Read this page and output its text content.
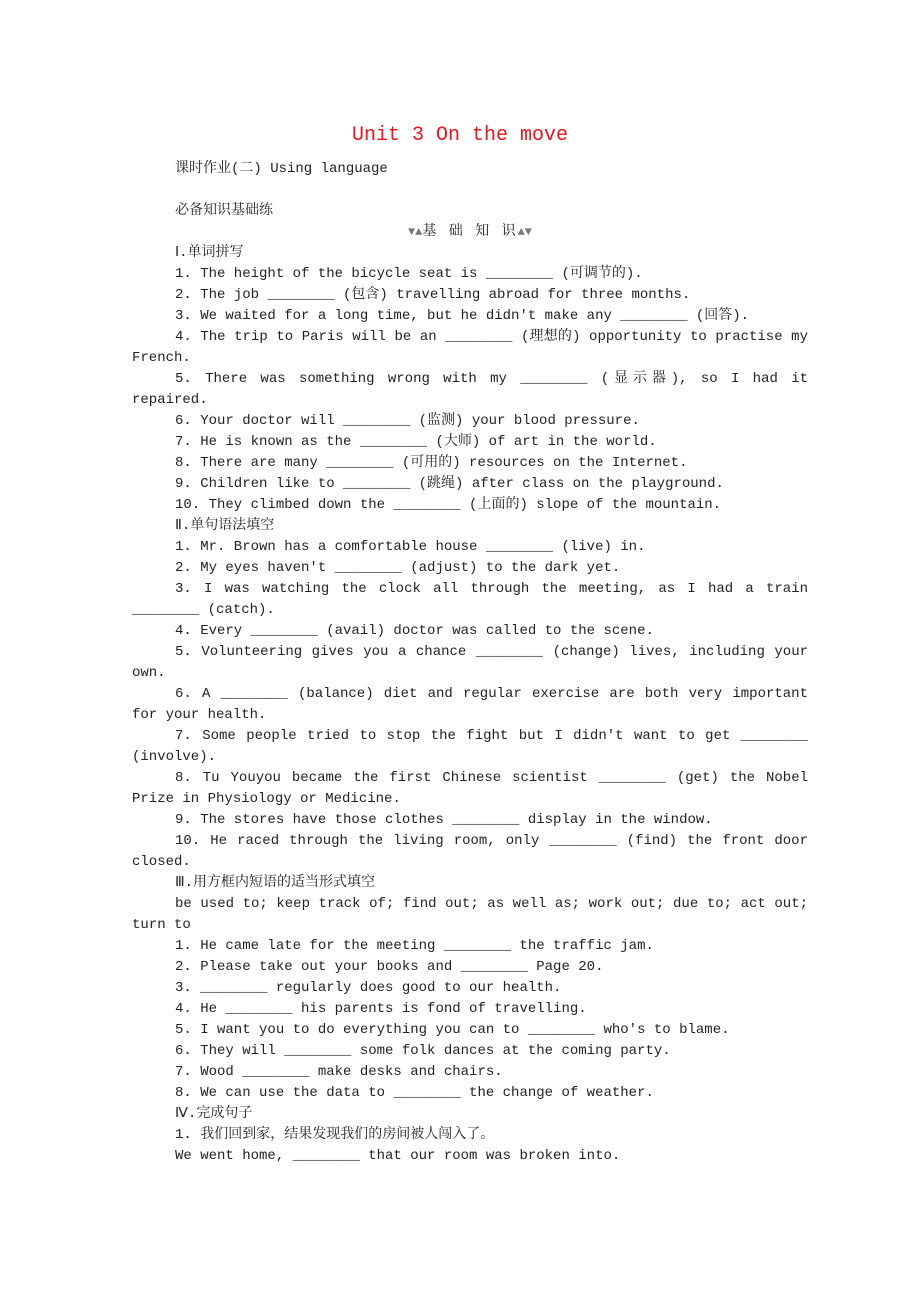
Unit 3 On the move

课时作业(二) Using language

必备知识基础练

▼▲基 础 知 识▲▼

Ⅰ.单词拼写

1. The height of the bicycle seat is ________ (可调节的).

2. The job ________ (包含) travelling abroad for three months.

3. We waited for a long time, but he didn't make any ________ (回答).

4. The trip to Paris will be an ________ (理想的) opportunity to practise my French.

5. There was something wrong with my ________ (显示器), so I had it repaired.

6. Your doctor will ________ (监测) your blood pressure.

7. He is known as the ________ (大师) of art in the world.

8. There are many ________ (可用的) resources on the Internet.

9. Children like to ________ (跳绳) after class on the playground.

10. They climbed down the ________ (上面的) slope of the mountain.

Ⅱ.单句语法填空

1. Mr. Brown has a comfortable house ________ (live) in.

2. My eyes haven't ________ (adjust) to the dark yet.

3. I was watching the clock all through the meeting, as I had a train ________ (catch).

4. Every ________ (avail) doctor was called to the scene.

5. Volunteering gives you a chance ________ (change) lives, including your own.

6. A ________ (balance) diet and regular exercise are both very important for your health.

7. Some people tried to stop the fight but I didn't want to get ________ (involve).

8. Tu Youyou became the first Chinese scientist ________ (get) the Nobel Prize in Physiology or Medicine.

9. The stores have those clothes ________ display in the window.

10. He raced through the living room, only ________ (find) the front door closed.

Ⅲ.用方框内短语的适当形式填空

be used to; keep track of; find out; as well as; work out; due to; act out; turn to

1. He came late for the meeting ________ the traffic jam.

2. Please take out your books and ________ Page 20.

3. ________ regularly does good to our health.

4. He ________ his parents is fond of travelling.

5. I want you to do everything you can to ________ who's to blame.

6. They will ________ some folk dances at the coming party.

7. Wood ________ make desks and chairs.

8. We can use the data to ________ the change of weather.

Ⅳ.完成句子

1. 我们回到家，结果发现我们的房间被人闯入了。

We went home, ________ that our room was broken into.
